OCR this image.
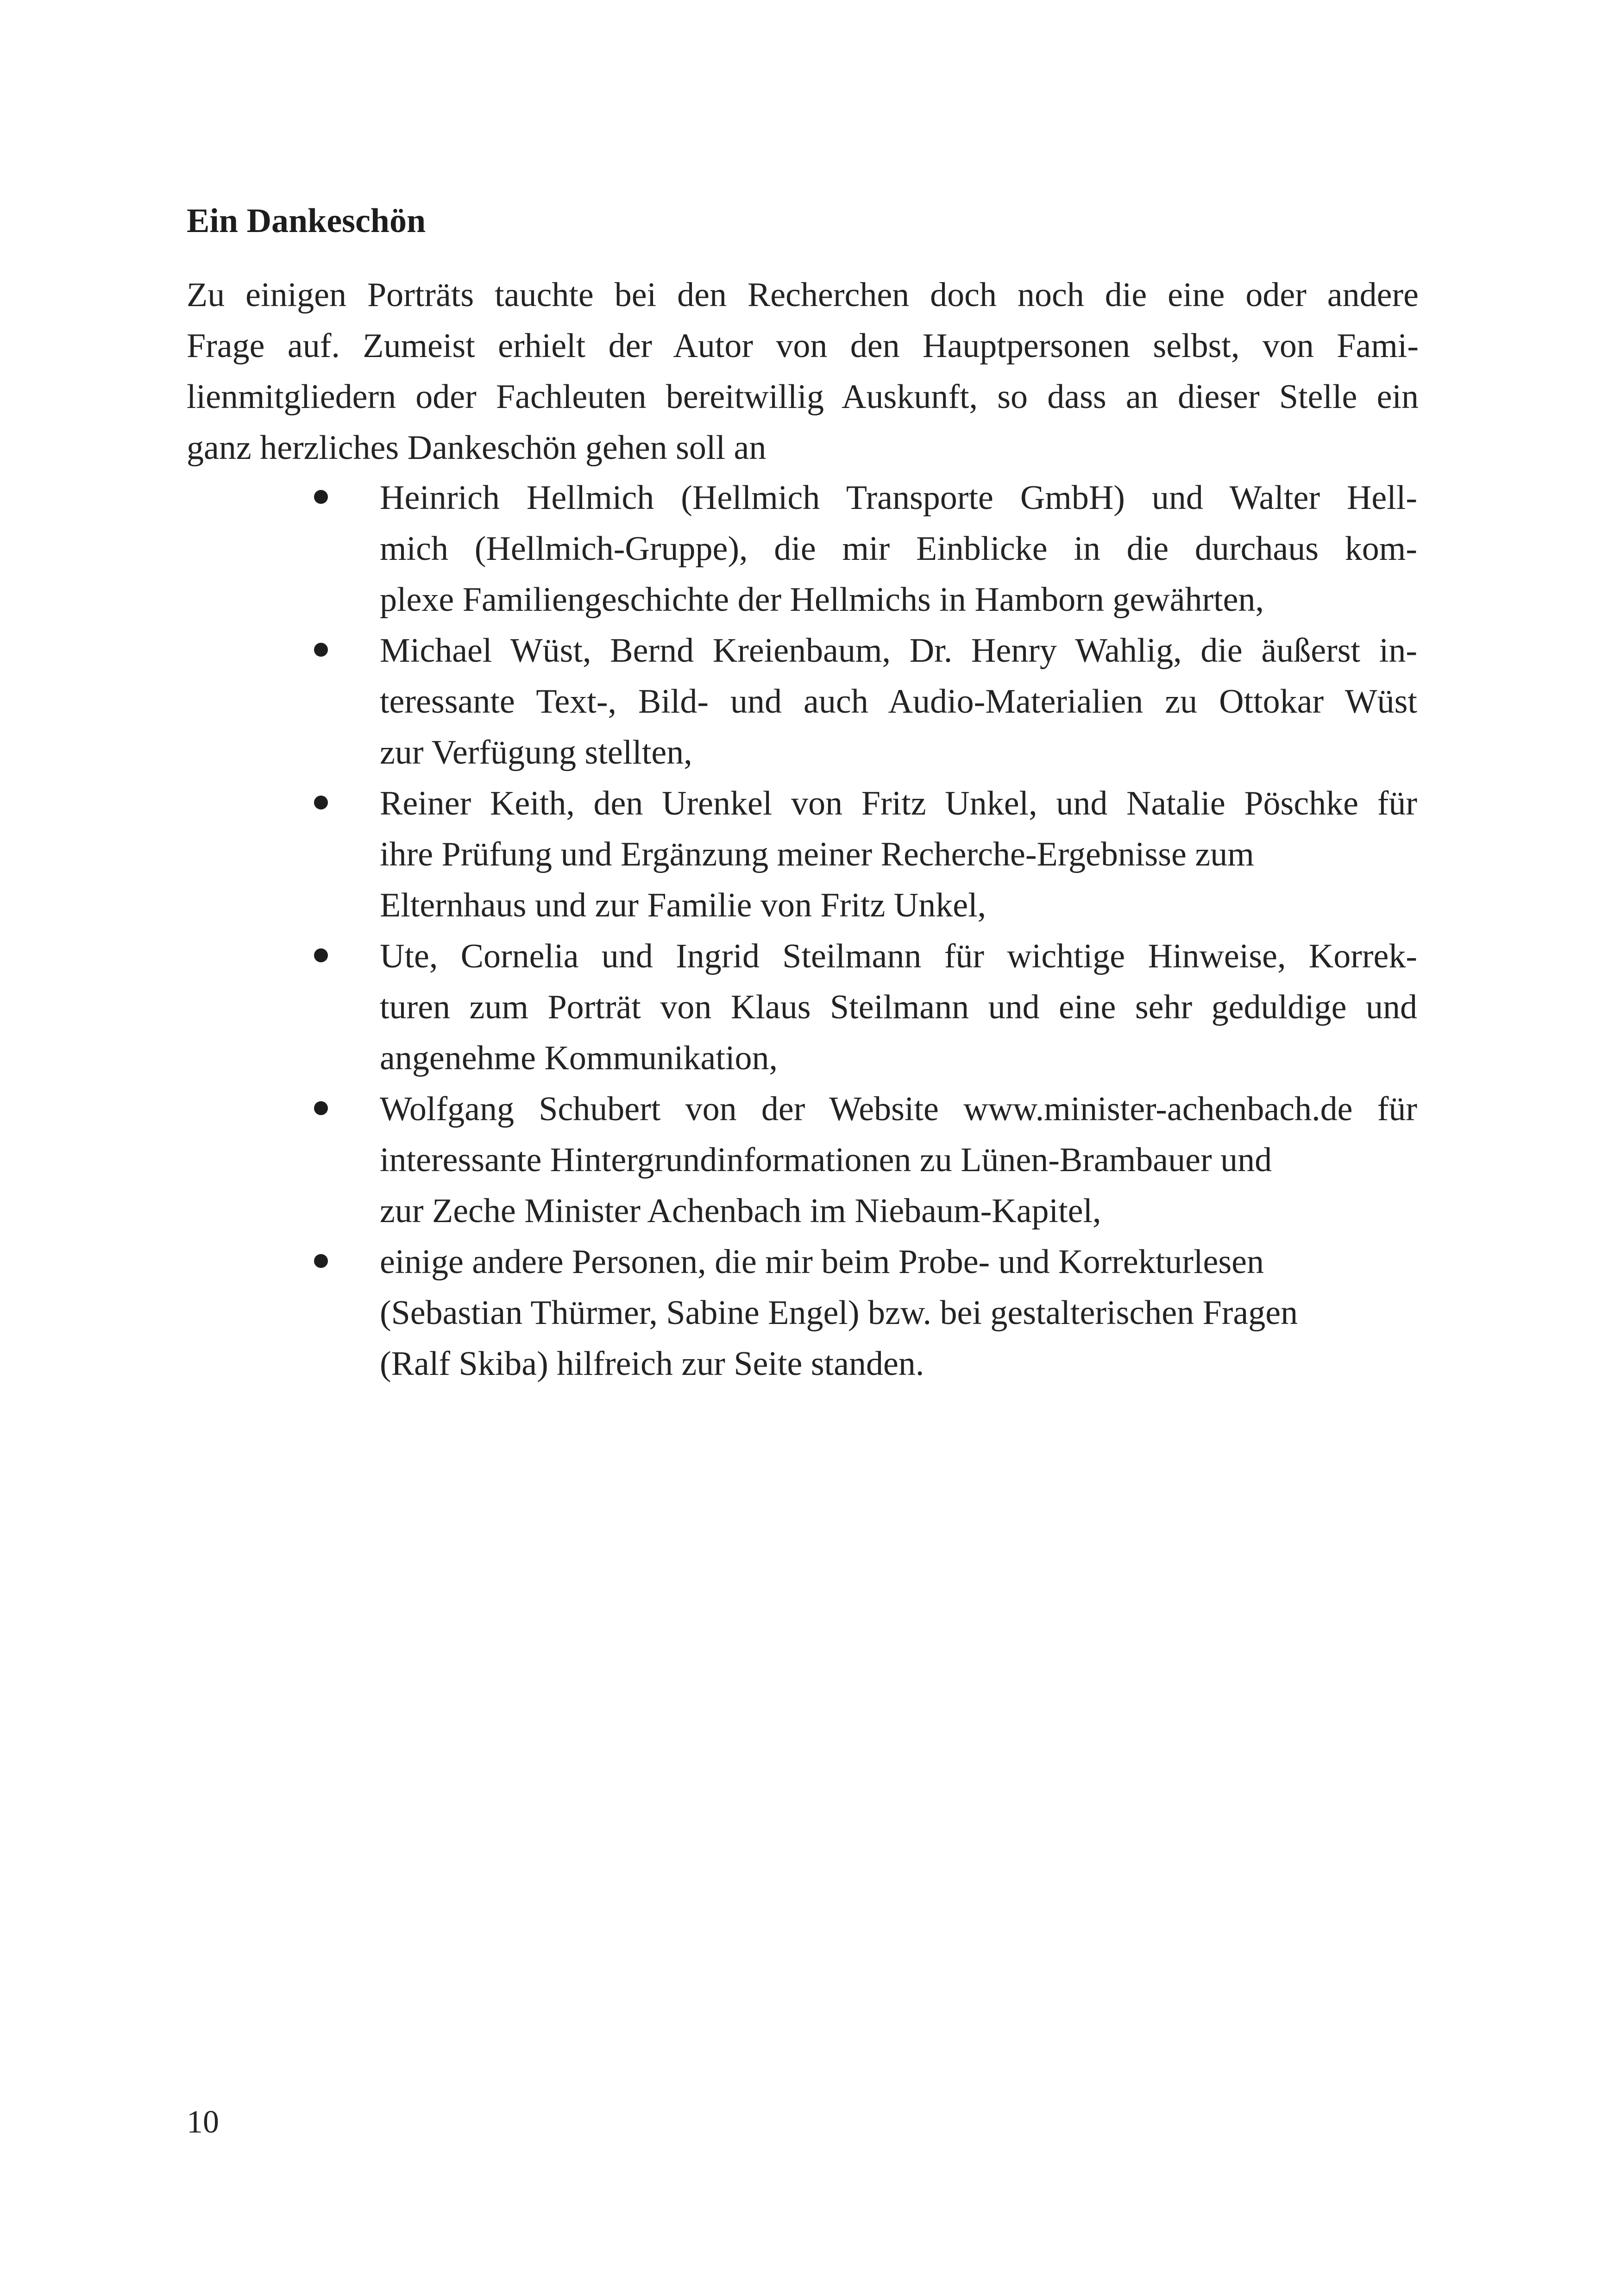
Ein Dankeschön
Zu einigen Porträts tauchte bei den Recherchen doch noch die eine oder andere
Frage auf. Zumeist erhielt der Autor von den Hauptpersonen selbst, von Fami-
lienmitgliedern oder Fachleuten bereitwillig Auskunft, so dass an dieser Stelle ein
ganz herzliches Dankeschön gehen soll an
Heinrich Hellmich (Hellmich Transporte GmbH) und Walter Hell-
mich (Hellmich-Gruppe), die mir Einblicke in die durchaus kom-
plexe Familiengeschichte der Hellmichs in Hamborn gewährten,
Michael Wüst, Bernd Kreienbaum, Dr. Henry Wahlig, die äußerst in-
teressante Text-, Bild- und auch Audio-Materialien zu Ottokar Wüst
zur Verfügung stellten,
Reiner Keith, den Urenkel von Fritz Unkel, und Natalie Pöschke für
ihre Prüfung und Ergänzung meiner Recherche-Ergebnisse zum
Elternhaus und zur Familie von Fritz Unkel,
Ute, Cornelia und Ingrid Steilmann für wichtige Hinweise, Korrek-
turen zum Porträt von Klaus Steilmann und eine sehr geduldige und
angenehme Kommunikation,
Wolfgang Schubert von der Website www.minister-achenbach.de für
interessante Hintergrundinformationen zu Lünen-Brambauer und
zur Zeche Minister Achenbach im Niebaum-Kapitel,
einige andere Personen, die mir beim Probe- und Korrekturlesen
(Sebastian Thürmer, Sabine Engel) bzw. bei gestalterischen Fragen
(Ralf Skiba) hilfreich zur Seite standen.
10
